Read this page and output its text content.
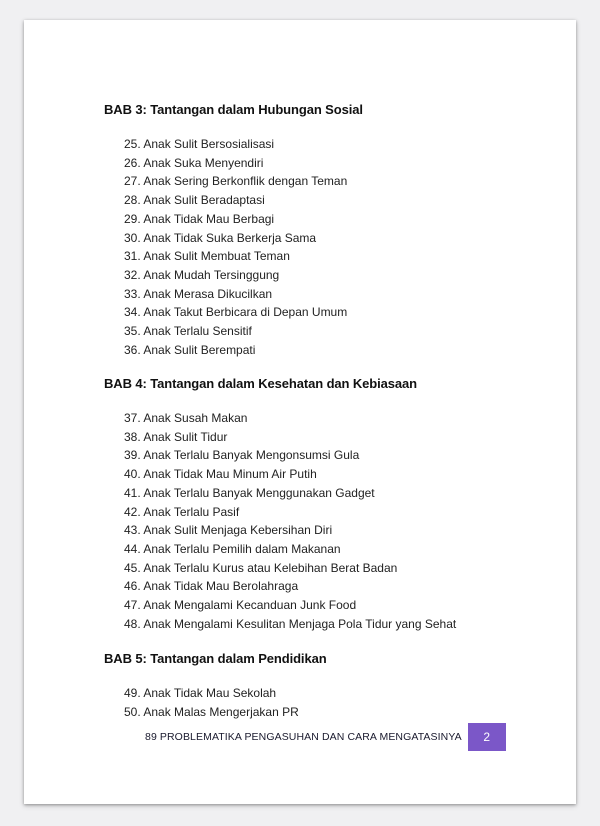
BAB 3: Tantangan dalam Hubungan Sosial
25. Anak Sulit Bersosialisasi
26. Anak Suka Menyendiri
27. Anak Sering Berkonflik dengan Teman
28. Anak Sulit Beradaptasi
29. Anak Tidak Mau Berbagi
30. Anak Tidak Suka Berkerja Sama
31. Anak Sulit Membuat Teman
32. Anak Mudah Tersinggung
33. Anak Merasa Dikucilkan
34. Anak Takut Berbicara di Depan Umum
35. Anak Terlalu Sensitif
36. Anak Sulit Berempati
BAB 4: Tantangan dalam Kesehatan dan Kebiasaan
37. Anak Susah Makan
38. Anak Sulit Tidur
39. Anak Terlalu Banyak Mengonsumsi Gula
40. Anak Tidak Mau Minum Air Putih
41. Anak Terlalu Banyak Menggunakan Gadget
42. Anak Terlalu Pasif
43. Anak Sulit Menjaga Kebersihan Diri
44. Anak Terlalu Pemilih dalam Makanan
45. Anak Terlalu Kurus atau Kelebihan Berat Badan
46. Anak Tidak Mau Berolahraga
47. Anak Mengalami Kecanduan Junk Food
48. Anak Mengalami Kesulitan Menjaga Pola Tidur yang Sehat
BAB 5: Tantangan dalam Pendidikan
49. Anak Tidak Mau Sekolah
50. Anak Malas Mengerjakan PR
89 PROBLEMATIKA PENGASUHAN DAN CARA MENGATASINYA	2
